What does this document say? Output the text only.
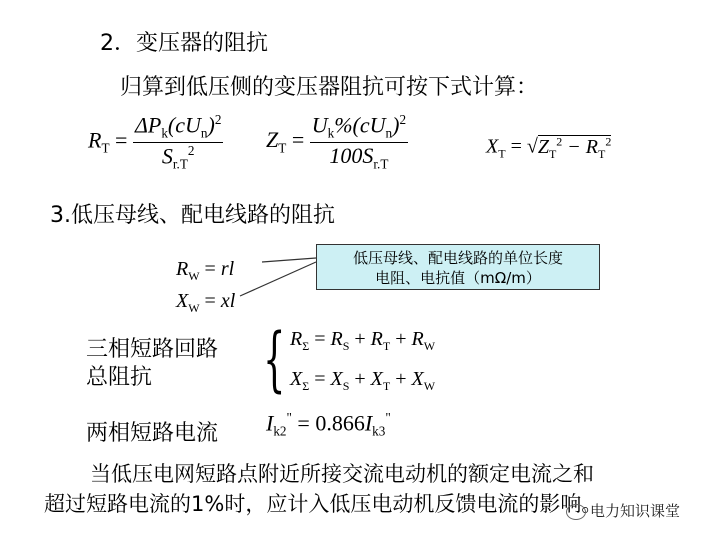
2．变压器的阻抗
归算到低压侧的变压器阻抗可按下式计算：
$R_T = \frac{\Delta P_k(cU_n)^2}{S_{r.T}^2} Z_T = \frac{U_k\%(cU_n)^2}{100S_{r.T}}$	$X_T = √Z_T^2 - R_T^2$
3.低压母线、配电线路的阻抗
$R_W$ = rl
$X_W$ = xl
低压母线、配电线路的单位长度
电阻、电抗值（mΩ/m）
三相短路回路
总阻抗 { $R_\Sigma = R_S + R_T + R_W$
$X_\Sigma = X_S + X_T + X_W$
两相短路电流 $I_{k2}^" = 0.866I_{k3}^"$
当低压电网短路点附近所接交流电动机的额定电流之和
超过短路电流的1%时，应计入低压电动机反馈电流的影响。
电力知识课堂
